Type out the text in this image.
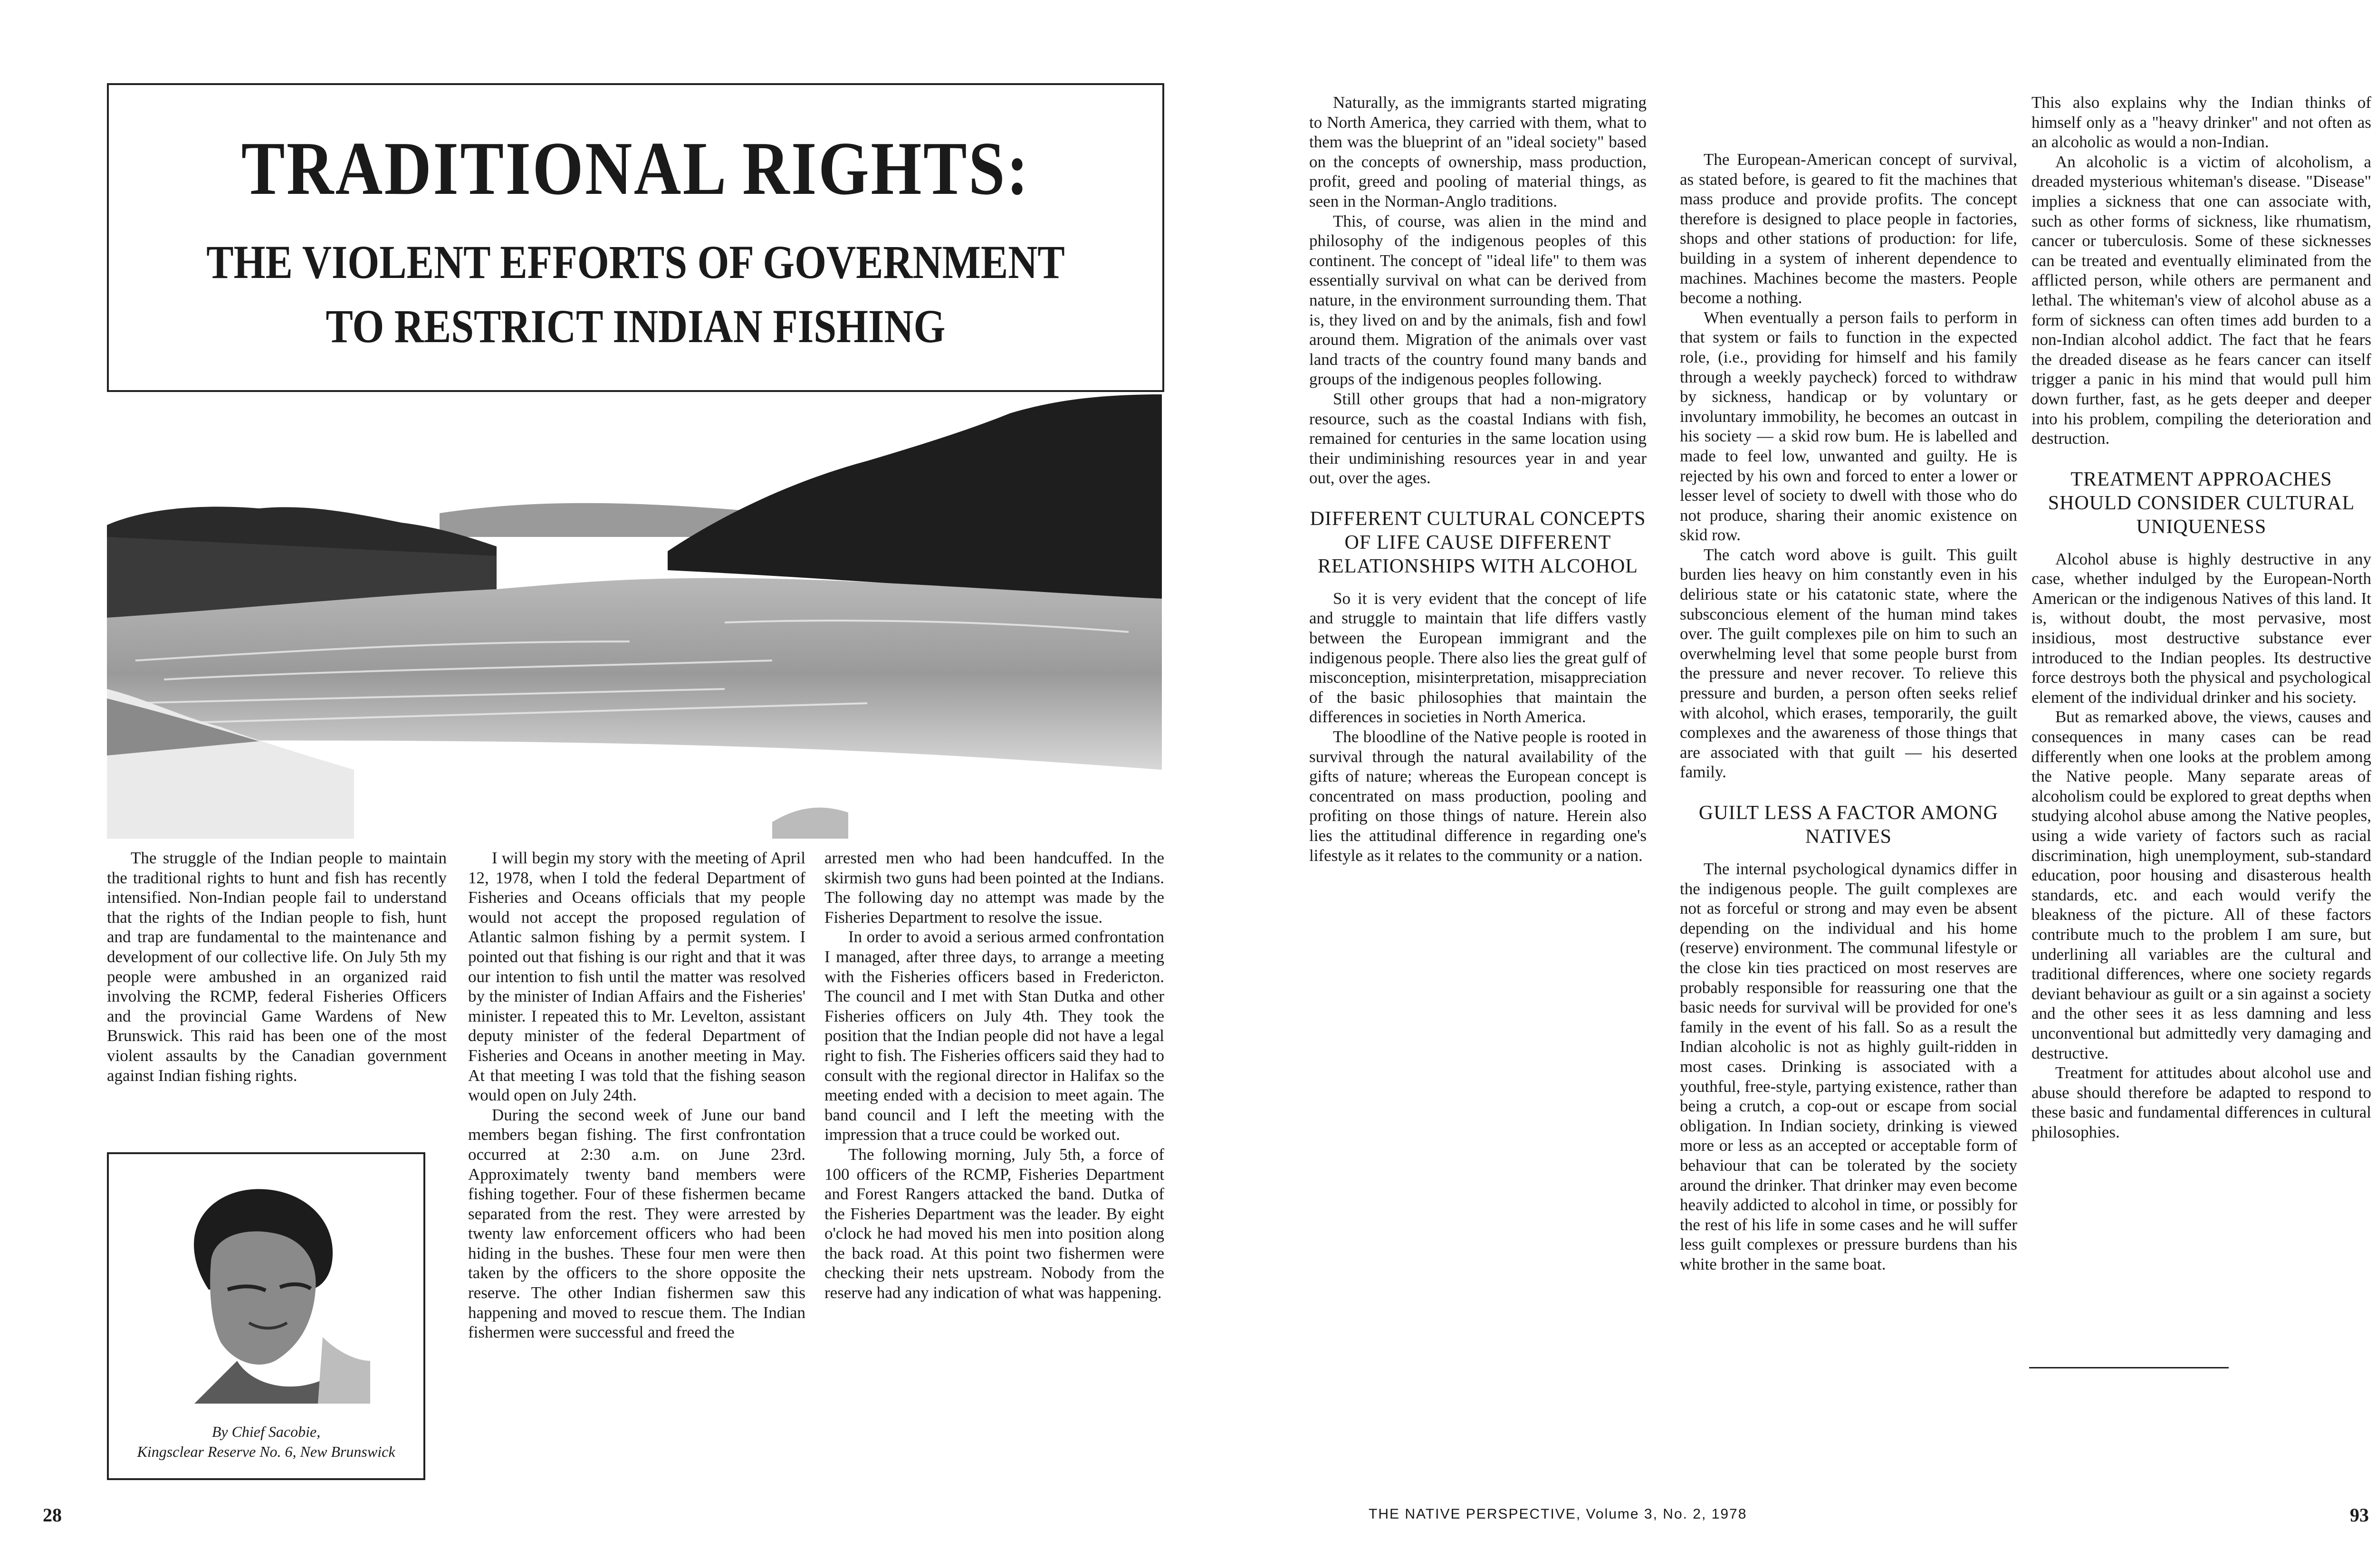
TRADITIONAL RIGHTS:
THE VIOLENT EFFORTS OF GOVERNMENT
TO RESTRICT INDIAN FISHING

The struggle of the Indian people to maintain the traditional rights to hunt and fish has recently intensified. Non-Indian people fail to understand that the rights of the Indian people to fish, hunt and trap are fundamental to the maintenance and development of our collective life. On July 5th my people were ambushed in an organized raid involving the RCMP, federal Fisheries Officers and the provincial Game Wardens of New Brunswick. This raid has been one of the most violent assaults by the Canadian government against Indian fishing rights.

By Chief Sacobie,
Kingsclear Reserve No. 6, New Brunswick

I will begin my story with the meeting of April 12, 1978, when I told the federal Department of Fisheries and Oceans officials that my people would not accept the proposed regulation of Atlantic salmon fishing by a permit system. I pointed out that fishing is our right and that it was our intention to fish until the matter was resolved by the minister of Indian Affairs and the Fisheries' minister. I repeated this to Mr. Levelton, assistant deputy minister of the federal Department of Fisheries and Oceans in another meeting in May. At that meeting I was told that the fishing season would open on July 24th.

During the second week of June our band members began fishing. The first confrontation occurred at 2:30 a.m. on June 23rd. Approximately twenty band members were fishing together. Four of these fishermen became separated from the rest. They were arrested by twenty law enforcement officers who had been hiding in the bushes. These four men were then taken by the officers to the shore opposite the reserve. The other Indian fishermen saw this happening and moved to rescue them. The Indian fishermen were successful and freed the

arrested men who had been handcuffed. In the skirmish two guns had been pointed at the Indians. The following day no attempt was made by the Fisheries Department to resolve the issue.

In order to avoid a serious armed confrontation I managed, after three days, to arrange a meeting with the Fisheries officers based in Fredericton. The council and I met with Stan Dutka and other Fisheries officers on July 4th. They took the position that the Indian people did not have a legal right to fish. The Fisheries officers said they had to consult with the regional director in Halifax so the meeting ended with a decision to meet again. The band council and I left the meeting with the impression that a truce could be worked out.

The following morning, July 5th, a force of 100 officers of the RCMP, Fisheries Department and Forest Rangers attacked the band. Dutka of the Fisheries Department was the leader. By eight o'clock he had moved his men into position along the back road. At this point two fishermen were checking their nets upstream. Nobody from the reserve had any indication of what was happening.

28

Naturally, as the immigrants started migrating to North America, they carried with them, what to them was the blueprint of an "ideal society" based on the concepts of ownership, mass production, profit, greed and pooling of material things, as seen in the Norman-Anglo traditions.

This, of course, was alien in the mind and philosophy of the indigenous peoples of this continent. The concept of "ideal life" to them was essentially survival on what can be derived from nature, in the environment surrounding them. That is, they lived on and by the animals, fish and fowl around them. Migration of the animals over vast land tracts of the country found many bands and groups of the indigenous peoples following.

Still other groups that had a non-migratory resource, such as the coastal Indians with fish, remained for centuries in the same location using their undiminishing resources year in and year out, over the ages.

DIFFERENT CULTURAL CONCEPTS OF LIFE CAUSE DIFFERENT RELATIONSHIPS WITH ALCOHOL

So it is very evident that the concept of life and struggle to maintain that life differs vastly between the European immigrant and the indigenous people. There also lies the great gulf of misconception, misinterpretation, misappreciation of the basic philosophies that maintain the differences in societies in North America.

The bloodline of the Native people is rooted in survival through the natural availability of the gifts of nature; whereas the European concept is concentrated on mass production, pooling and profiting on those things of nature. Herein also lies the attitudinal difference in regarding one's lifestyle as it relates to the community or a nation.

The European-American concept of survival, as stated before, is geared to fit the machines that mass produce and provide profits. The concept therefore is designed to place people in factories, shops and other stations of production: for life, building in a system of inherent dependence to machines. Machines become the masters. People become a nothing.

When eventually a person fails to perform in that system or fails to function in the expected role, (i.e., providing for himself and his family through a weekly paycheck) forced to withdraw by sickness, handicap or by voluntary or involuntary immobility, he becomes an outcast in his society — a skid row bum. He is labelled and made to feel low, unwanted and guilty. He is rejected by his own and forced to enter a lower or lesser level of society to dwell with those who do not produce, sharing their anomic existence on skid row.

The catch word above is guilt. This guilt burden lies heavy on him constantly even in his delirious state or his catatonic state, where the subsconcious element of the human mind takes over. The guilt complexes pile on him to such an overwhelming level that some people burst from the pressure and never recover. To relieve this pressure and burden, a person often seeks relief with alcohol, which erases, temporarily, the guilt complexes and the awareness of those things that are associated with that guilt — his deserted family.

GUILT LESS A FACTOR AMONG NATIVES

The internal psychological dynamics differ in the indigenous people. The guilt complexes are not as forceful or strong and may even be absent depending on the individual and his home (reserve) environment. The communal lifestyle or the close kin ties practiced on most reserves are probably responsible for reassuring one that the basic needs for survival will be provided for one's family in the event of his fall. So as a result the Indian alcoholic is not as highly guilt-ridden in most cases. Drinking is associated with a youthful, free-style, partying existence, rather than being a crutch, a cop-out or escape from social obligation. In Indian society, drinking is viewed more or less as an accepted or acceptable form of behaviour that can be tolerated by the society around the drinker. That drinker may even become heavily addicted to alcohol in time, or possibly for the rest of his life in some cases and he will suffer less guilt complexes or pressure burdens than his white brother in the same boat.

This also explains why the Indian thinks of himself only as a "heavy drinker" and not often as an alcoholic as would a non-Indian.

An alcoholic is a victim of alcoholism, a dreaded mysterious whiteman's disease. "Disease" implies a sickness that one can associate with, such as other forms of sickness, like rhumatism, cancer or tuberculosis. Some of these sicknesses can be treated and eventually eliminated from the afflicted person, while others are permanent and lethal. The whiteman's view of alcohol abuse as a form of sickness can often times add burden to a non-Indian alcohol addict. The fact that he fears the dreaded disease as he fears cancer can itself trigger a panic in his mind that would pull him down further, fast, as he gets deeper and deeper into his problem, compiling the deterioration and destruction.

TREATMENT APPROACHES SHOULD CONSIDER CULTURAL UNIQUENESS

Alcohol abuse is highly destructive in any case, whether indulged by the European-North American or the indigenous Natives of this land. It is, without doubt, the most pervasive, most insidious, most destructive substance ever introduced to the Indian peoples. Its destructive force destroys both the physical and psychological element of the individual drinker and his society.

But as remarked above, the views, causes and consequences in many cases can be read differently when one looks at the problem among the Native people. Many separate areas of alcoholism could be explored to great depths when studying alcohol abuse among the Native peoples, using a wide variety of factors such as racial discrimination, high unemployment, sub-standard education, poor housing and disasterous health standards, etc. and each would verify the bleakness of the picture. All of these factors contribute much to the problem I am sure, but underlining all variables are the cultural and traditional differences, where one society regards deviant behaviour as guilt or a sin against a society and the other sees it as less damning and less unconventional but admittedly very damaging and destructive.

Treatment for attitudes about alcohol use and abuse should therefore be adapted to respond to these basic and fundamental differences in cultural philosophies.

THE NATIVE PERSPECTIVE, Volume 3, No. 2, 1978	93
